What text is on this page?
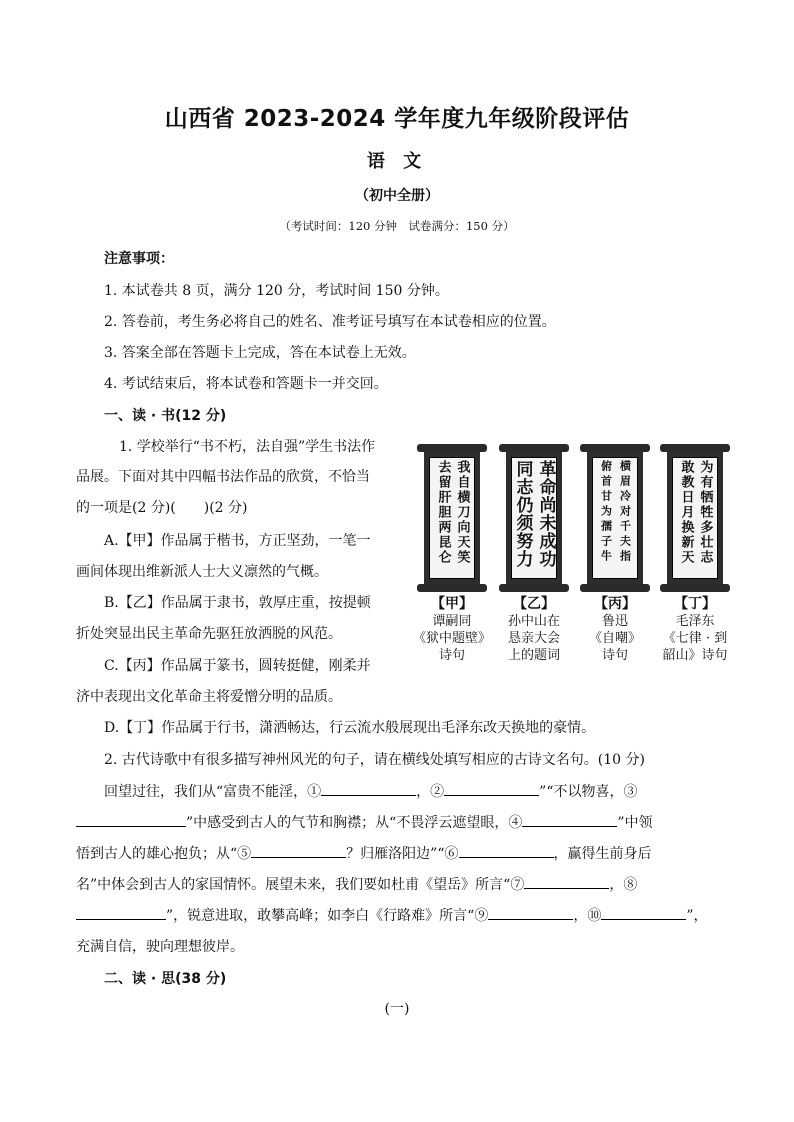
山西省 2023-2024 学年度九年级阶段评估
语 文
（初中全册）
（考试时间：120 分钟　试卷满分：150 分）
注意事项：
1. 本试卷共 8 页，满分 120 分，考试时间 150 分钟。
2. 答卷前，考生务必将自己的姓名、准考证号填写在本试卷相应的位置。
3. 答案全部在答题卡上完成，答在本试卷上无效。
4. 考试结束后，将本试卷和答题卡一并交回。
一、读 · 书(12 分)
1. 学校举行“书不朽，法自强”学生书法作
品展。下面对其中四幅书法作品的欣赏，不恰当
的一项是(2 分)(　　)(2 分)
A.【甲】作品属于楷书，方正坚劲，一笔一
画间体现出维新派人士大义凛然的气概。
B.【乙】作品属于隶书，敦厚庄重，按提顿
折处突显出民主革命先驱狂放洒脱的风范。
C.【丙】作品属于篆书，圆转挺健，刚柔并
济中表现出文化革命主将爱憎分明的品质。
D.【丁】作品属于行书，潇洒畅达，行云流水般展现出毛泽东改天换地的豪情。
我自横刀向天笑
去留肝胆两昆仑	革命尚未成功
同志仍须努力	横眉冷对千夫指
俯首甘为孺子牛	为有牺牲多壮志
敢教日月换新天
【甲】
谭嗣同
《狱中题壁》
诗句
【乙】
孙中山在
恳亲大会
上的题词
【丙】
鲁迅
《自嘲》
诗句
【丁】
毛泽东
《七律 · 到
韶山》诗句
2. 古代诗歌中有很多描写神州风光的句子，请在横线处填写相应的古诗文名句。(10 分)
回望过往，我们从“富贵不能淫，①	，②	”“不以物喜，③
”中感受到古人的气节和胸襟；从“不畏浮云遮望眼，④	”中领
悟到古人的雄心抱负；从“⑤	？归雁洛阳边”“⑥	，赢得生前身后
名”中体会到古人的家国情怀。展望未来，我们要如杜甫《望岳》所言“⑦	，⑧
”，锐意进取，敢攀高峰；如李白《行路难》所言“⑨	，⑩	”，
充满自信，驶向理想彼岸。
二、读 · 思(38 分)
(一)
